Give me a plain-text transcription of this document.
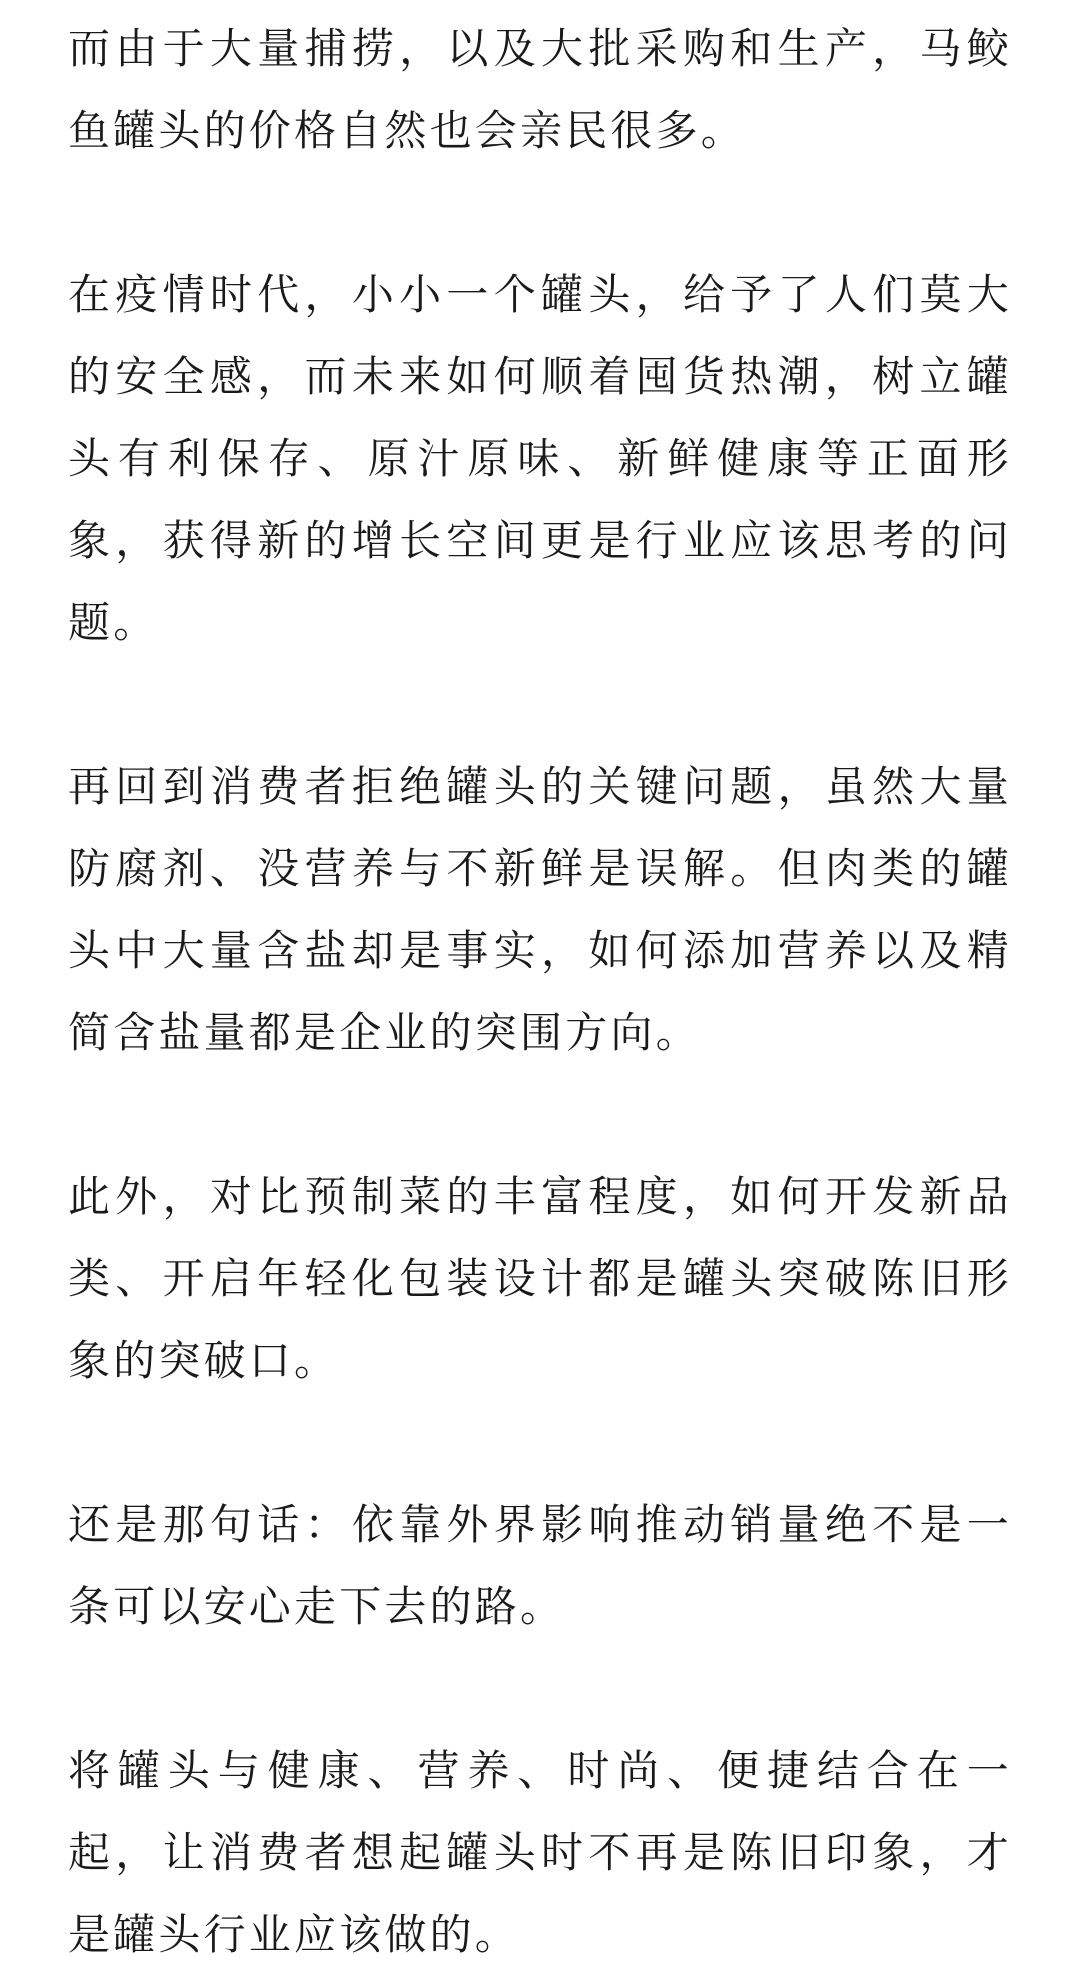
而由于大量捕捞，以及大批采购和生产，马鲛鱼罐头的价格自然也会亲民很多。

在疫情时代，小小一个罐头，给予了人们莫大的安全感，而未来如何顺着囤货热潮，树立罐头有利保存、原汁原味、新鲜健康等正面形象，获得新的增长空间更是行业应该思考的问题。

再回到消费者拒绝罐头的关键问题，虽然大量防腐剂、没营养与不新鲜是误解。但肉类的罐头中大量含盐却是事实，如何添加营养以及精简含盐量都是企业的突围方向。

此外，对比预制菜的丰富程度，如何开发新品类、开启年轻化包装设计都是罐头突破陈旧形象的突破口。

还是那句话：依靠外界影响推动销量绝不是一条可以安心走下去的路。

将罐头与健康、营养、时尚、便捷结合在一起，让消费者想起罐头时不再是陈旧印象，才是罐头行业应该做的。
